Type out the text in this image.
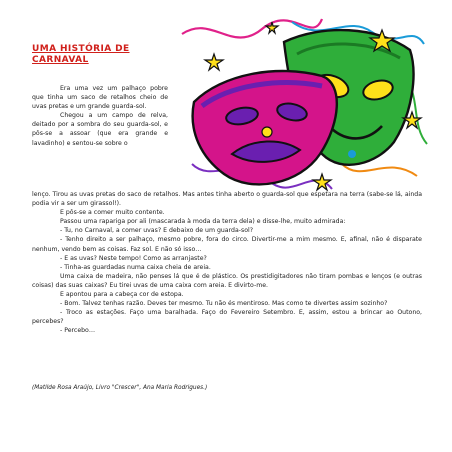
UMA HISTÓRIA DE CARNAVAL

Era uma vez um palhaço pobre que tinha um saco de retalhos cheio de uvas pretas e um grande guarda-sol.

Chegou a um campo de relva, deitado por a sombra do seu guarda-sol, e pôs-se a assoar (que era grande e lavadinho) e sentou-se sobre o

lenço. Tirou as uvas pretas do saco de retalhos. Mas antes tinha aberto o guarda-sol que espetara na terra (sabe-se lá, ainda podia vir a ser um girassol!).

E pôs-se a comer muito contente.

Passou uma rapariga por ali (mascarada à moda da terra dela) e disse-lhe, muito admirada:

- Tu, no Carnaval, a comer uvas? E debaixo de um guarda-sol?

- Tenho direito a ser palhaço, mesmo pobre, fora do circo. Divertir-me a mim mesmo. E, afinal, não é disparate nenhum, vendo bem as coisas. Faz sol. E não só isso…

- E as uvas? Neste tempo! Como as arranjaste?

- Tinha-as guardadas numa caixa cheia de areia.

Uma caixa de madeira, não penses lá que é de plástico. Os prestidigitadores não tiram pombas e lenços (e outras coisas) das suas caixas? Eu tirei uvas de uma caixa com areia. E divirto-me.

E apontou para a cabeça cor de estopa.

- Bom. Talvez tenhas razão. Deves ter mesmo. Tu não és mentiroso. Mas como te divertes assim sozinho?

- Troco as estações. Faço uma baralhada. Faço do Fevereiro Setembro. E, assim, estou a brincar ao Outono, percebes?

- Percebo…

(Matilde Rosa Araújo, Livro "Crescer", Ana Maria Rodrigues.)
